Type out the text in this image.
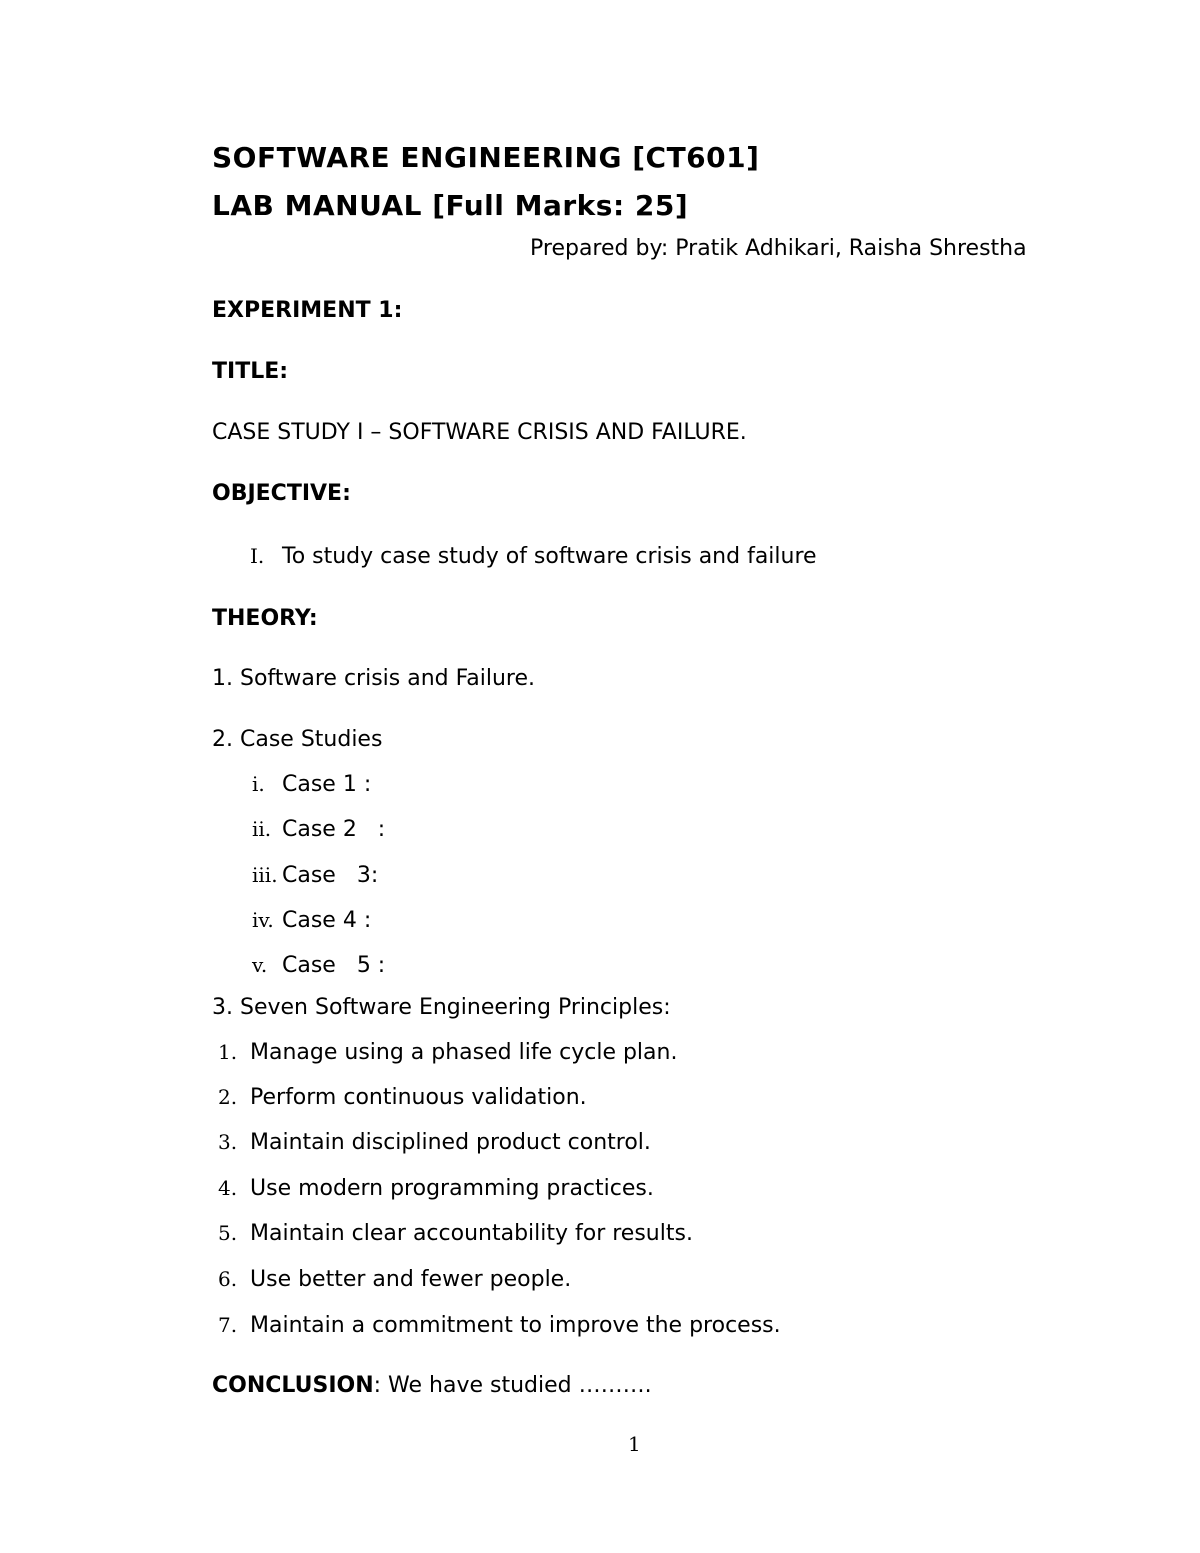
SOFTWARE ENGINEERING [CT601]
LAB MANUAL [Full Marks: 25]
Prepared by: Pratik Adhikari, Raisha Shrestha
EXPERIMENT 1:
TITLE:
CASE STUDY I – SOFTWARE CRISIS AND FAILURE.
OBJECTIVE:
I. To study case study of software crisis and failure
THEORY:
1. Software crisis and Failure.
2. Case Studies
i. Case 1 :
ii. Case 2   :
iii. Case   3:
iv. Case 4 :
v. Case   5 :
3. Seven Software Engineering Principles:
1. Manage using a phased life cycle plan.
2. Perform continuous validation.
3. Maintain disciplined product control.
4. Use modern programming practices.
5. Maintain clear accountability for results.
6. Use better and fewer people.
7. Maintain a commitment to improve the process.
CONCLUSION: We have studied ……….
1
